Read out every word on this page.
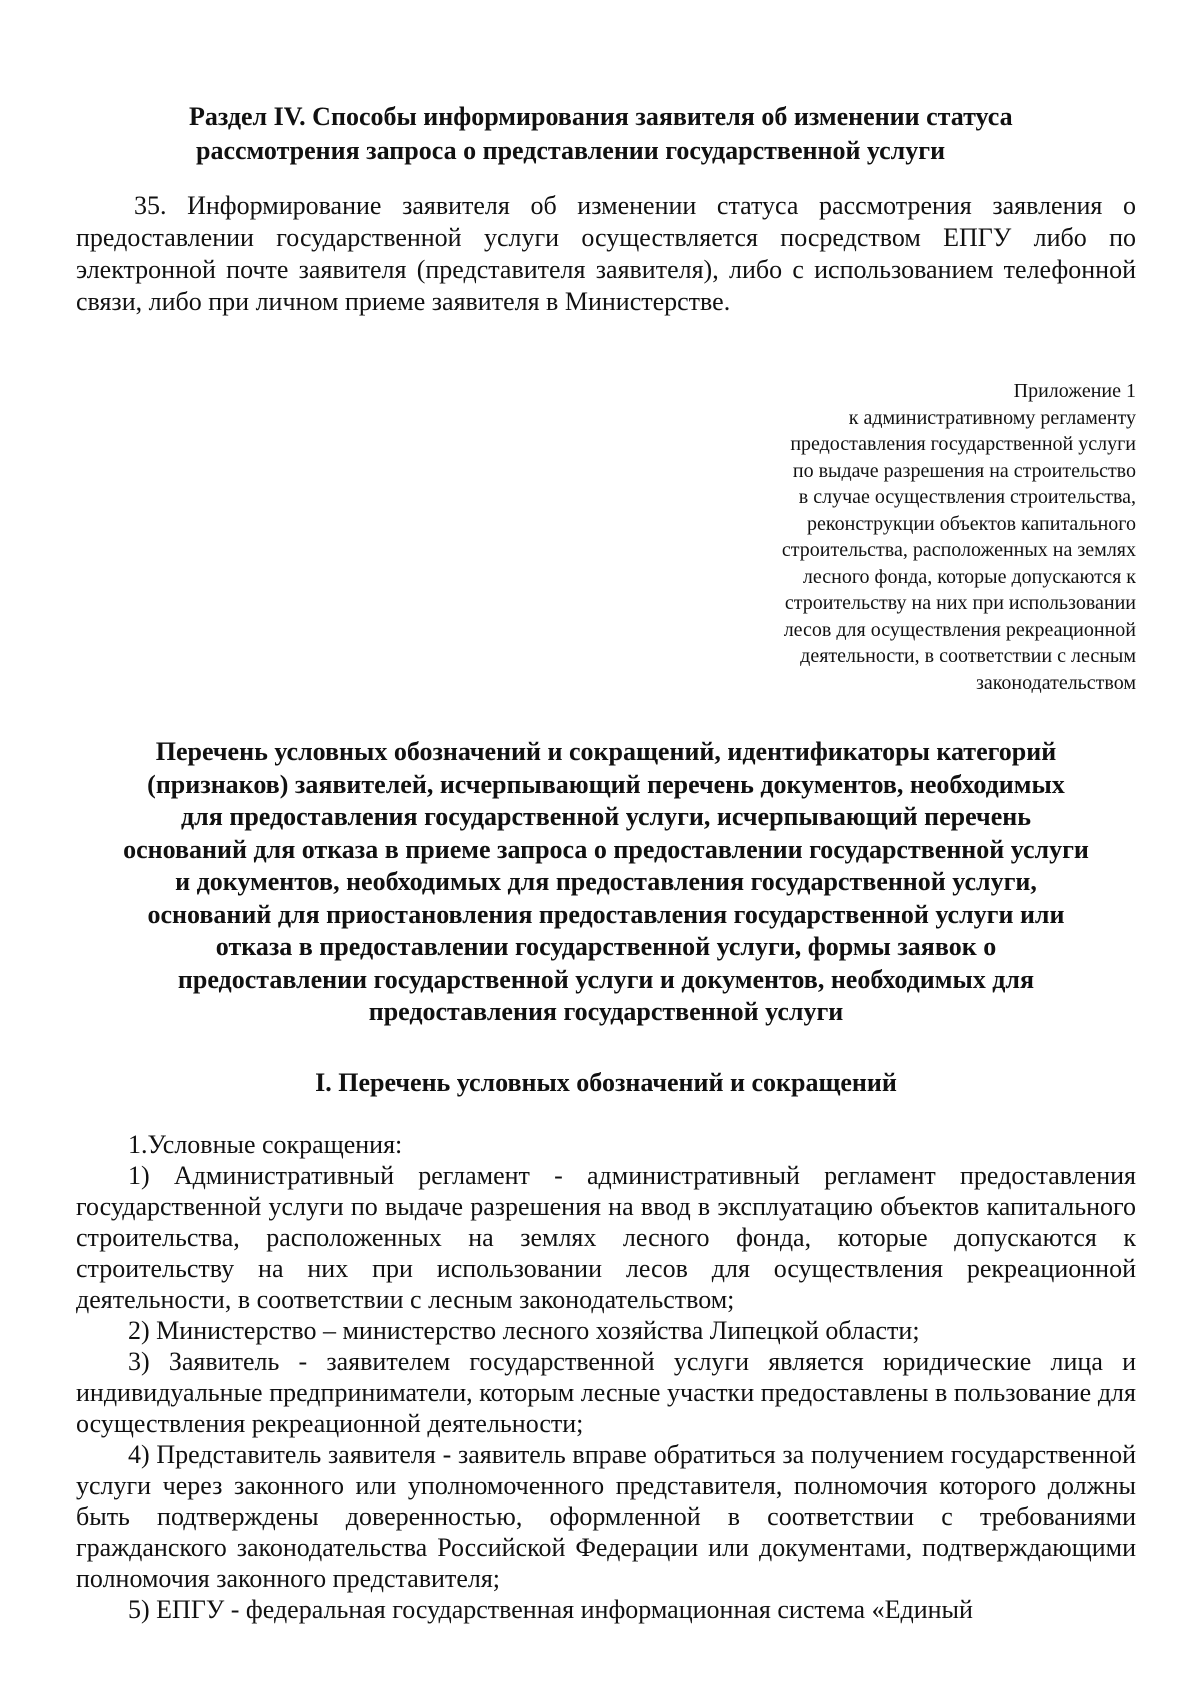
Раздел IV. Способы информирования заявителя об изменении статуса
рассмотрения запроса о представлении государственной услуги

35. Информирование заявителя об изменении статуса рассмотрения заявления о предоставлении государственной услуги осуществляется посредством ЕПГУ либо по электронной почте заявителя (представителя заявителя), либо с использованием телефонной связи, либо при личном приеме заявителя в Министерстве.

Приложение 1
к административному регламенту
предоставления государственной услуги
по выдаче разрешения на строительство
в случае осуществления строительства,
реконструкции объектов капитального
строительства, расположенных на землях
лесного фонда, которые допускаются к
строительству на них при использовании
лесов для осуществления рекреационной
деятельности, в соответствии с лесным
законодательством
Перечень условных обозначений и сокращений, идентификаторы категорий
(признаков) заявителей, исчерпывающий перечень документов, необходимых
для предоставления государственной услуги, исчерпывающий перечень
оснований для отказа в приеме запроса о предоставлении государственной услуги
и документов, необходимых для предоставления государственной услуги,
оснований для приостановления предоставления государственной услуги или
отказа в предоставлении государственной услуги, формы заявок о
предоставлении государственной услуги и документов, необходимых для
предоставления государственной услуги
I. Перечень условных обозначений и сокращений

1.Условные сокращения:

1) Административный регламент - административный регламент предоставления государственной услуги по выдаче разрешения на ввод в эксплуатацию объектов капитального строительства, расположенных на землях лесного фонда, которые допускаются к строительству на них при использовании лесов для осуществления рекреационной деятельности, в соответствии с лесным законодательством;

2) Министерство – министерство лесного хозяйства Липецкой области;

3) Заявитель - заявителем государственной услуги является юридические лица и индивидуальные предприниматели, которым лесные участки предоставлены в пользование для осуществления рекреационной деятельности;

4) Представитель заявителя - заявитель вправе обратиться за получением государственной услуги через законного или уполномоченного представителя, полномочия которого должны быть подтверждены доверенностью, оформленной в соответствии с требованиями гражданского законодательства Российской Федерации или документами, подтверждающими полномочия законного представителя;

5) ЕПГУ - федеральная государственная информационная система «Единый
